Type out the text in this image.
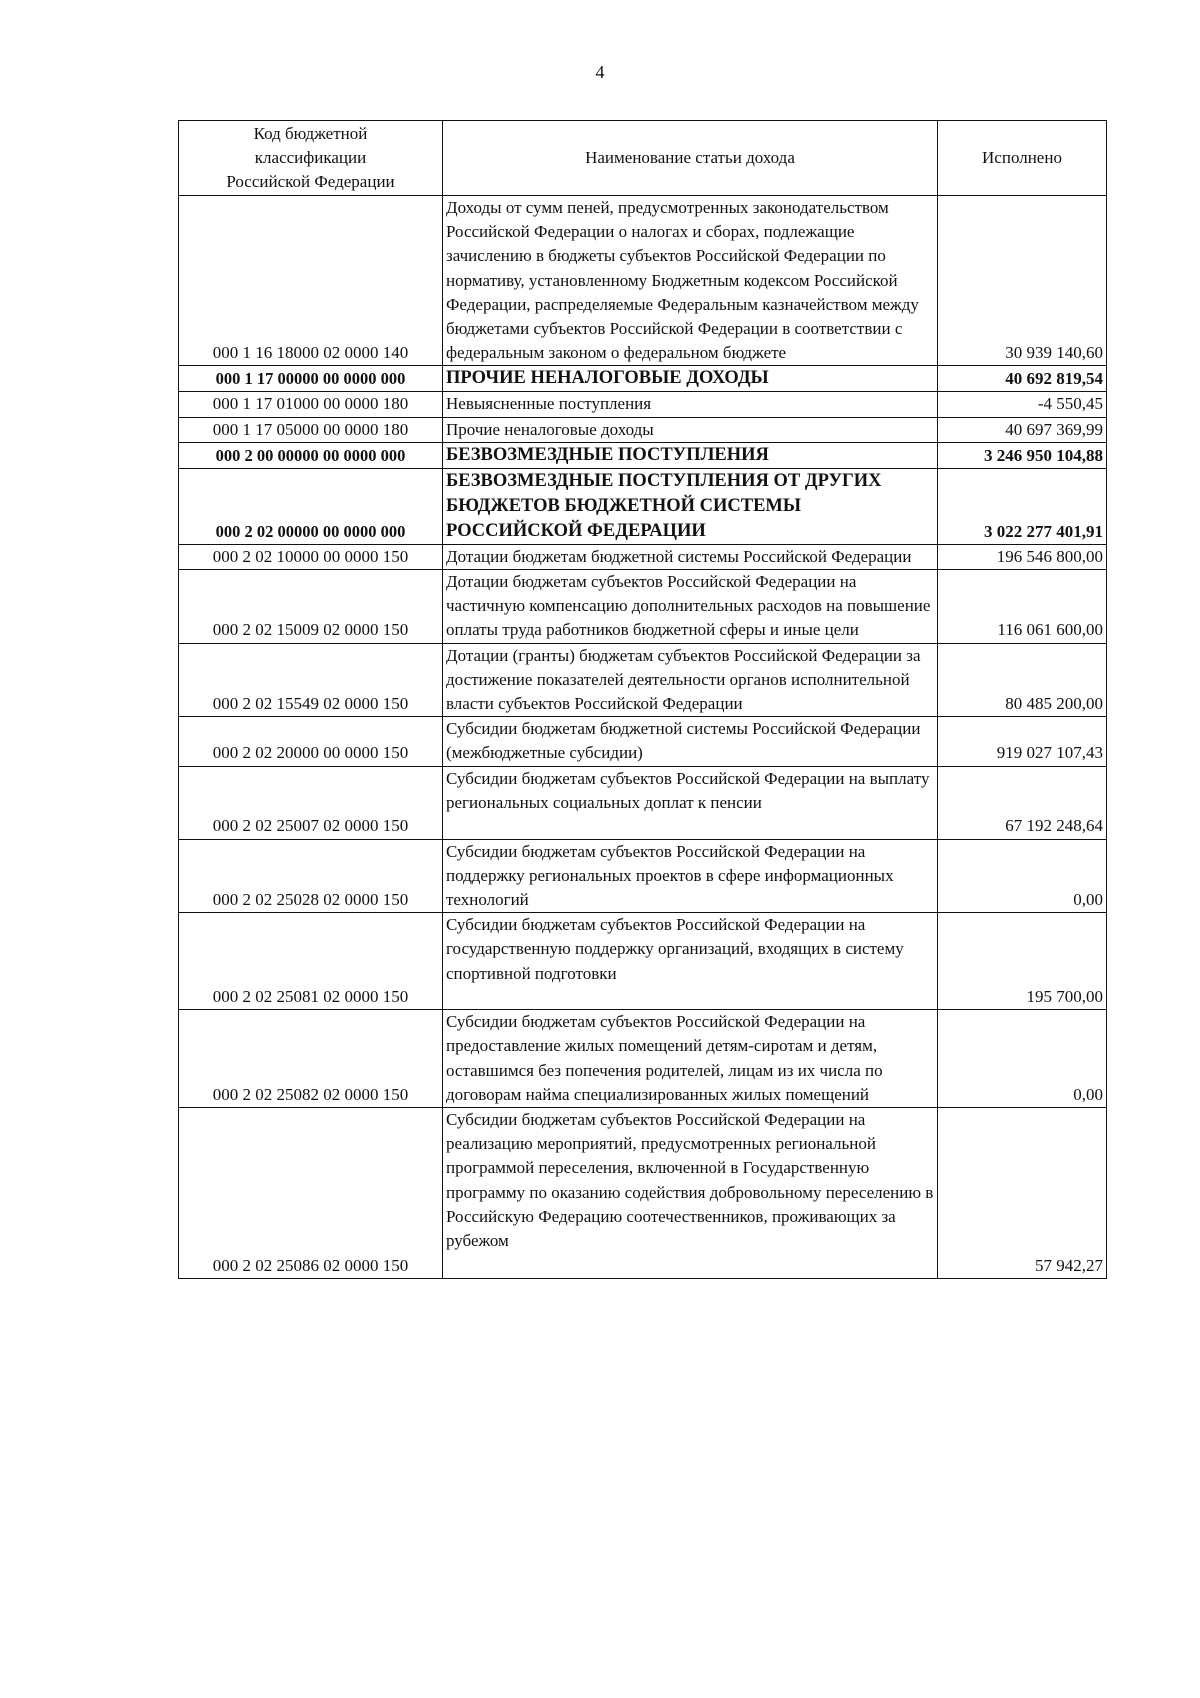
4
Код бюджетной
классификации
Российской Федерации	Наименование статьи дохода	Исполнено
000 1 16 18000 02 0000 140	Доходы от сумм пеней, предусмотренных законодательством Российской Федерации о налогах и сборах, подлежащие зачислению в бюджеты субъектов Российской Федерации по нормативу, установленному Бюджетным кодексом Российской Федерации, распределяемые Федеральным казначейством между бюджетами субъектов Российской Федерации в соответствии с федеральным законом о федеральном бюджете	30 939 140,60
000 1 17 00000 00 0000 000	ПРОЧИЕ НЕНАЛОГОВЫЕ ДОХОДЫ	40 692 819,54
000 1 17 01000 00 0000 180	Невыясненные поступления	-4 550,45
000 1 17 05000 00 0000 180	Прочие неналоговые доходы	40 697 369,99
000 2 00 00000 00 0000 000	БЕЗВОЗМЕЗДНЫЕ ПОСТУПЛЕНИЯ	3 246 950 104,88
000 2 02 00000 00 0000 000	БЕЗВОЗМЕЗДНЫЕ ПОСТУПЛЕНИЯ ОТ ДРУГИХ БЮДЖЕТОВ БЮДЖЕТНОЙ СИСТЕМЫ РОССИЙСКОЙ ФЕДЕРАЦИИ	3 022 277 401,91
000 2 02 10000 00 0000 150	Дотации бюджетам бюджетной системы Российской Федерации	196 546 800,00
000 2 02 15009 02 0000 150	Дотации бюджетам субъектов Российской Федерации на частичную компенсацию дополнительных расходов на повышение оплаты труда работников бюджетной сферы и иные цели	116 061 600,00
000 2 02 15549 02 0000 150	Дотации (гранты) бюджетам субъектов Российской Федерации за достижение показателей деятельности органов исполнительной власти субъектов Российской Федерации	80 485 200,00
000 2 02 20000 00 0000 150	Субсидии бюджетам бюджетной системы Российской Федерации (межбюджетные субсидии)	919 027 107,43
000 2 02 25007 02 0000 150	Субсидии бюджетам субъектов Российской Федерации на выплату региональных социальных доплат к пенсии	67 192 248,64
000 2 02 25028 02 0000 150	Субсидии бюджетам субъектов Российской Федерации на поддержку региональных проектов в сфере информационных технологий	0,00
000 2 02 25081 02 0000 150	Субсидии бюджетам субъектов Российской Федерации на государственную поддержку организаций, входящих в систему спортивной подготовки	195 700,00
000 2 02 25082 02 0000 150	Субсидии бюджетам субъектов Российской Федерации на предоставление жилых помещений детям-сиротам и детям, оставшимся без попечения родителей, лицам из их числа по договорам найма специализированных жилых помещений	0,00
000 2 02 25086 02 0000 150	Субсидии бюджетам субъектов Российской Федерации на реализацию мероприятий, предусмотренных региональной программой переселения, включенной в Государственную программу по оказанию содействия добровольному переселению в Российскую Федерацию соотечественников, проживающих за рубежом	57 942,27
